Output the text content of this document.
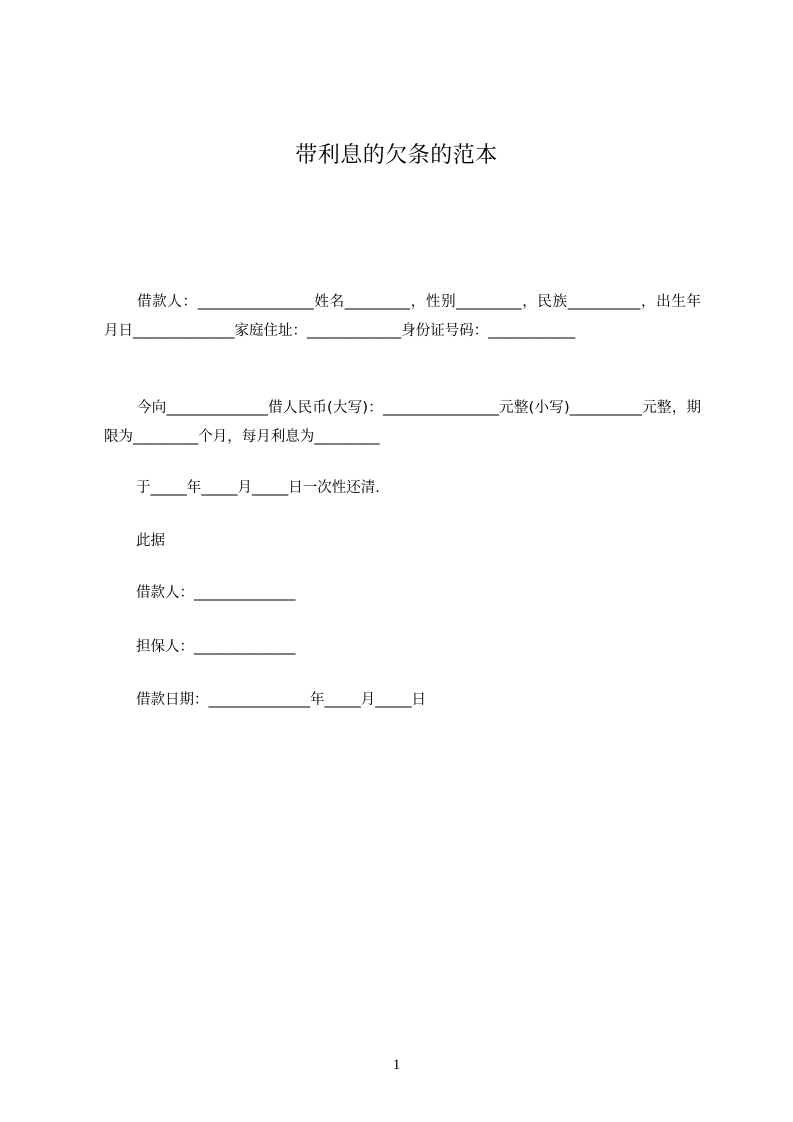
带利息的欠条的范本
借款人：________________姓名_________，性别_________，民族__________，出生年月日______________家庭住址：_____________身份证号码：____________
今向______________借人民币(大写)：________________元整(小写)__________元整，期限为_________个月，每月利息为_________
于_____年_____月_____日一次性还清.
此据
借款人：______________
担保人：______________
借款日期：______________年_____月_____日
1
